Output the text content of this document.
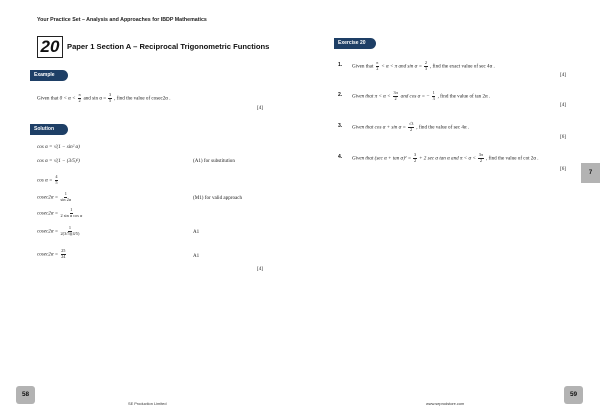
Your Practice Set – Analysis and Approaches for IBDP Mathematics
20 Paper 1 Section A – Reciprocal Trigonometric Functions
Example
Given that $0 < \alpha < \frac{\pi}{2}$ and $\sin \alpha = \frac{3}{5}$ , find the value of cosec2α .
[4]
Solution
cos α = √(1 − sin² α)
cos α = √(1 − (3/5)²)	(A1) for substitution
$\cos \alpha = \frac{4}{5}$
$cosec2\alpha = \frac{1}{\sin 2\alpha}$	(M1) for valid approach
$cosec2\alpha = \frac{1}{\text{2 sin α cos α}}$
$cosec2\alpha = \frac{1}{2(3/5)(4/5)}$	A1
$cosec2\alpha = \frac{25}{24}$	A1
[4]
Exercise 20
1. Given that $\frac{\pi}{2} < \alpha < \pi$ and $\sin \alpha = \frac{2}{3}$ , find the exact value of sec 4α .
[4]
2. Given that $\pi < \alpha < \frac{3\pi}{2}$ and cos α = − $\frac{1}{3}$ , find the value of tan 2α .
[4]
3. Given that $\cos \alpha + \sin \alpha = \frac{√3}{2}$ , find the value of sec 4α .
[6]
4. Given that (sec $\alpha + \tan \alpha)^2 = \frac{3}{2} + 2$ sec α tan α and $\pi < \alpha < \frac{3\pi}{2}$ , find the value of cot 2α .
[6]
7
58
SE Production Limited	www.seprodstore.com
59
